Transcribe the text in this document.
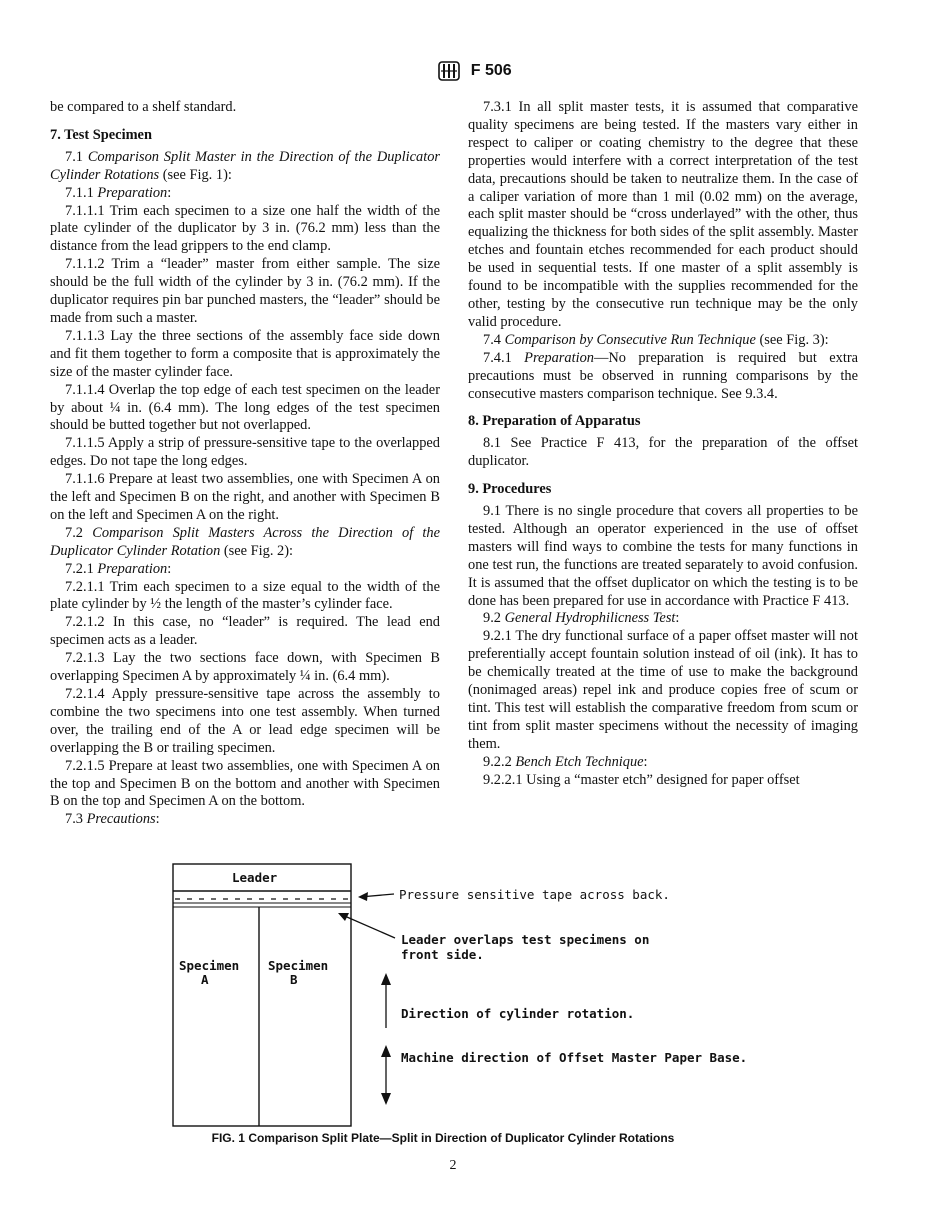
F 506

be compared to a shelf standard.

7. Test Specimen

7.1 Comparison Split Master in the Direction of the Duplicator Cylinder Rotations (see Fig. 1):

7.1.1 Preparation:

7.1.1.1 Trim each specimen to a size one half the width of the plate cylinder of the duplicator by 3 in. (76.2 mm) less than the distance from the lead grippers to the end clamp.

7.1.1.2 Trim a “leader” master from either sample. The size should be the full width of the cylinder by 3 in. (76.2 mm). If the duplicator requires pin bar punched masters, the “leader” should be made from such a master.

7.1.1.3 Lay the three sections of the assembly face side down and fit them together to form a composite that is approximately the size of the master cylinder face.

7.1.1.4 Overlap the top edge of each test specimen on the leader by about ¼ in. (6.4 mm). The long edges of the test specimen should be butted together but not overlapped.

7.1.1.5 Apply a strip of pressure-sensitive tape to the overlapped edges. Do not tape the long edges.

7.1.1.6 Prepare at least two assemblies, one with Specimen A on the left and Specimen B on the right, and another with Specimen B on the left and Specimen A on the right.

7.2 Comparison Split Masters Across the Direction of the Duplicator Cylinder Rotation (see Fig. 2):

7.2.1 Preparation:

7.2.1.1 Trim each specimen to a size equal to the width of the plate cylinder by ½ the length of the master’s cylinder face.

7.2.1.2 In this case, no “leader” is required. The lead end specimen acts as a leader.

7.2.1.3 Lay the two sections face down, with Specimen B overlapping Specimen A by approximately ¼ in. (6.4 mm).

7.2.1.4 Apply pressure-sensitive tape across the assembly to combine the two specimens into one test assembly. When turned over, the trailing end of the A or lead edge specimen will be overlapping the B or trailing specimen.

7.2.1.5 Prepare at least two assemblies, one with Specimen A on the top and Specimen B on the bottom and another with Specimen B on the top and Specimen A on the bottom.

7.3 Precautions:

7.3.1 In all split master tests, it is assumed that comparative quality specimens are being tested. If the masters vary either in respect to caliper or coating chemistry to the degree that these properties would interfere with a correct interpretation of the test data, precautions should be taken to neutralize them. In the case of a caliper variation of more than 1 mil (0.02 mm) on the average, each split master should be “cross underlayed” with the other, thus equalizing the thickness for both sides of the split assembly. Master etches and fountain etches recommended for each product should be used in sequential tests. If one master of a split assembly is found to be incompatible with the supplies recommended for the other, testing by the consecutive run technique may be the only valid procedure.

7.4 Comparison by Consecutive Run Technique (see Fig. 3):

7.4.1 Preparation—No preparation is required but extra precautions must be observed in running comparisons by the consecutive masters comparison technique. See 9.3.4.

8. Preparation of Apparatus

8.1 See Practice F 413, for the preparation of the offset duplicator.

9. Procedures

9.1 There is no single procedure that covers all properties to be tested. Although an operator experienced in the use of offset masters will find ways to combine the tests for many functions in one test run, the functions are treated separately to avoid confusion. It is assumed that the offset duplicator on which the testing is to be done has been prepared for use in accordance with Practice F 413.

9.2 General Hydrophilicness Test:

9.2.1 The dry functional surface of a paper offset master will not preferentially accept fountain solution instead of oil (ink). It has to be chemically treated at the time of use to make the background (nonimaged areas) repel ink and produce copies free of scum or tint. This test will establish the comparative freedom from scum or tint from split master specimens without the necessity of imaging them.

9.2.2 Bench Etch Technique:

9.2.2.1 Using a “master etch” designed for paper offset

Leader
Specimen
A
Specimen
B
Pressure sensitive tape across back.
Leader overlaps test specimens on
front side.
Direction of cylinder rotation.
Machine direction of Offset Master Paper Base.
FIG. 1 Comparison Split Plate—Split in Direction of Duplicator Cylinder Rotations
2
